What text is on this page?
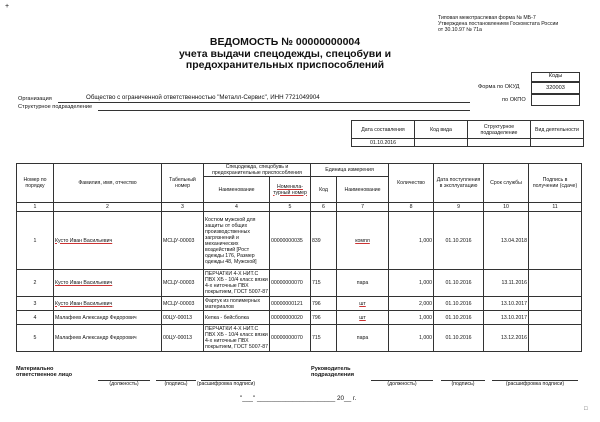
+
Типовая межотраслевая форма № МБ-7
Утверждена постановлением Госкомстата России
от 30.10.97 № 71а
ВЕДОМОСТЬ № 00000000004
учета выдачи спецодежды, спецобуви и
предохранительных приспособлений
Коды
Форма по ОКУД	320003
по ОКПО
Организация	Общество с ограниченной ответственностью "Металл-Сервис", ИНН 7721049904
Структурное подразделение
Дата составления	Код вида	Структурное подразделение	Вид деятельности
01.10.2016			
Номер по порядку	Фамилия, имя, отчество	Табельный номер	Спецодежда, спецобувь и предохранительные приспособления		Единица измерения		Количество	Дата поступления в эксплуатацию	Срок службы	Подпись в получении (сдаче)
			Наименование	Номенкла-турный номер	Код	Наименование				
1	2	3	4	5	6	7	8	9	10	11
1	Кусто Иван Васильевич	МСЦУ-00003	Костюм мужской для защиты от общих производственных загрязнений и механических воздействий [Рост одежды 176, Размер одежды 48, Мужской]	00000000035	839	компл	1,000	01.10.2016	13.04.2018	
2	Кусто Иван Васильевич	МСЦУ-00003	ПЕРЧАТКИ 4-Х НИТ.С ПВХ ХБ - 10/4 класс вязки 4-х ниточные ПВХ покрытием, ГОСТ 5007-87	00000000070	715	пара	1,000	01.10.2016	13.11.2016	
3	Кусто Иван Васильевич	МСЦУ-00003	Фартук из полимерных материалов	00000000121	796	шт	2,000	01.10.2016	13.10.2017	
4	Малафеев Александр Федорович	00ЦУ-00013	Кепка - бейсболка	00000000020	796	шт	1,000	01.10.2016	13.10.2017	
5	Малафеев Александр Федорович	00ЦУ-00013	ПЕРЧАТКИ 4-Х НИТ.С ПВХ ХБ - 10/4 класс вязки 4-х ниточные ПВХ покрытием, ГОСТ 5007-87	00000000070	715	пара	1,000	01.10.2016	13.12.2016	
Материально
ответственное лицо
(должность)	(подпись)	(расшифровка подписи)
Руководитель
подразделения
(должность)	(подпись)	(расшифровка подписи)
"___" ______________________ 20__ г.
□
